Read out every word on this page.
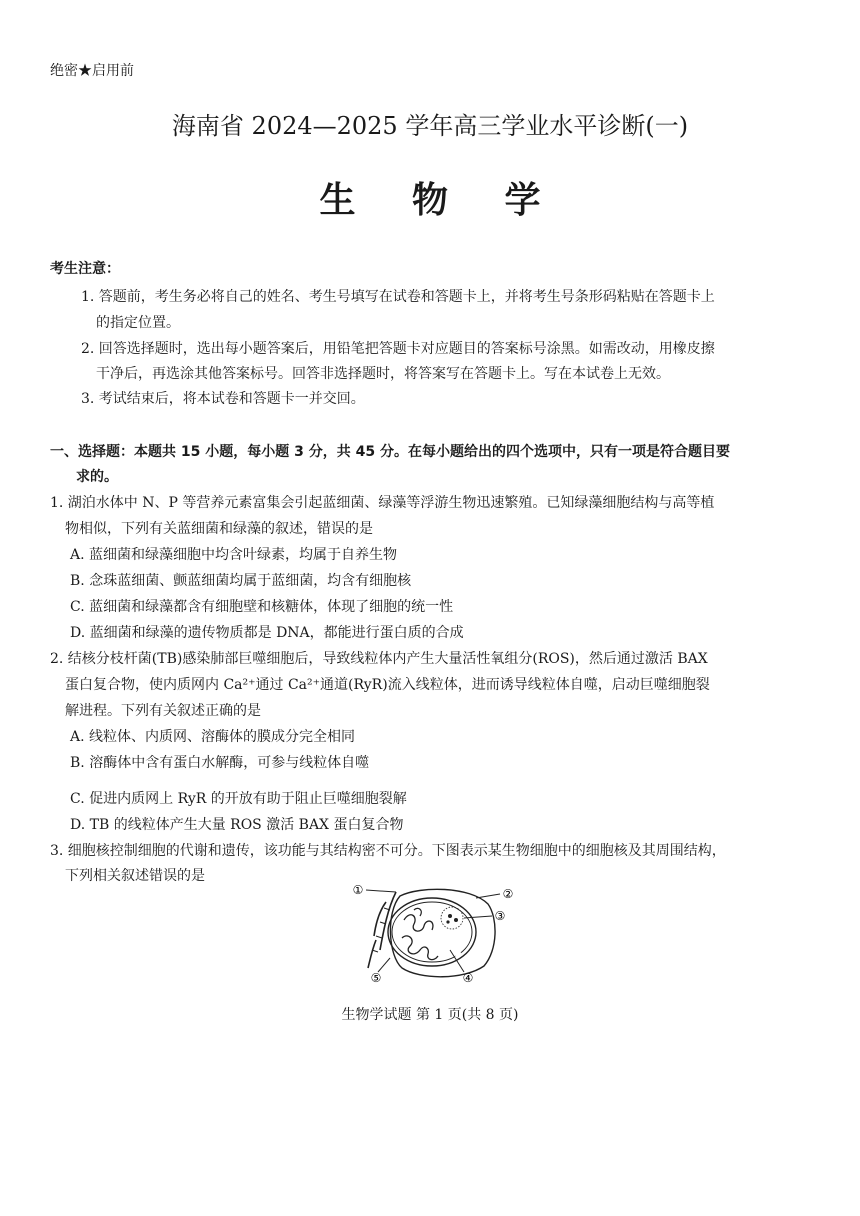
绝密★启用前
海南省 2024—2025 学年高三学业水平诊断(一)
生 物 学
考生注意：
1. 答题前，考生务必将自己的姓名、考生号填写在试卷和答题卡上，并将考生号条形码粘贴在答题卡上
的指定位置。
2. 回答选择题时，选出每小题答案后，用铅笔把答题卡对应题目的答案标号涂黑。如需改动，用橡皮擦
干净后，再选涂其他答案标号。回答非选择题时，将答案写在答题卡上。写在本试卷上无效。
3. 考试结束后，将本试卷和答题卡一并交回。
一、选择题：本题共 15 小题，每小题 3 分，共 45 分。在每小题给出的四个选项中，只有一项是符合题目要
求的。
1. 湖泊水体中 N、P 等营养元素富集会引起蓝细菌、绿藻等浮游生物迅速繁殖。已知绿藻细胞结构与高等植
物相似，下列有关蓝细菌和绿藻的叙述，错误的是
A. 蓝细菌和绿藻细胞中均含叶绿素，均属于自养生物
B. 念珠蓝细菌、颤蓝细菌均属于蓝细菌，均含有细胞核
C. 蓝细菌和绿藻都含有细胞壁和核糖体，体现了细胞的统一性
D. 蓝细菌和绿藻的遗传物质都是 DNA，都能进行蛋白质的合成
2. 结核分枝杆菌(TB)感染肺部巨噬细胞后，导致线粒体内产生大量活性氧组分(ROS)，然后通过激活 BAX
蛋白复合物，使内质网内 Ca²⁺通过 Ca²⁺通道(RyR)流入线粒体，进而诱导线粒体自噬，启动巨噬细胞裂
解进程。下列有关叙述正确的是
A. 线粒体、内质网、溶酶体的膜成分完全相同
B. 溶酶体中含有蛋白水解酶，可参与线粒体自噬
C. 促进内质网上 RyR 的开放有助于阻止巨噬细胞裂解
D. TB 的线粒体产生大量 ROS 激活 BAX 蛋白复合物
3. 细胞核控制细胞的代谢和遗传，该功能与其结构密不可分。下图表示某生物细胞中的细胞核及其周围结构，
下列相关叙述错误的是
①	②
③
④
⑤
生物学试题 第 1 页(共 8 页)
